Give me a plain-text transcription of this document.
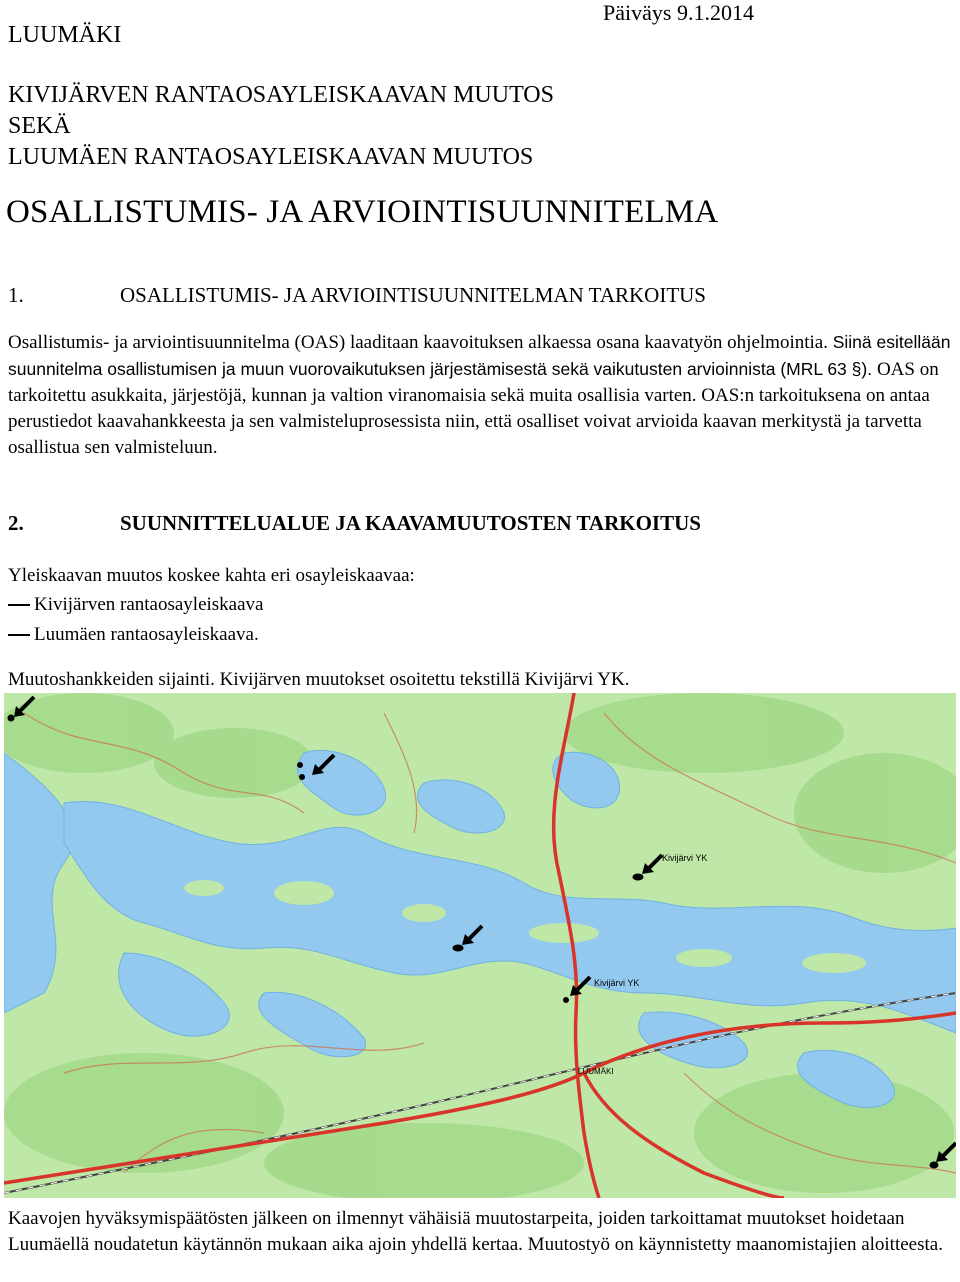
LUUMÄKI
Päiväys 9.1.2014
KIVIJÄRVEN RANTAOSAYLEISKAAVAN MUUTOS
SEKÄ
LUUMÄEN RANTAOSAYLEISKAAVAN MUUTOS
OSALLISTUMIS- JA ARVIOINTISUUNNITELMA
1.	OSALLISTUMIS- JA ARVIOINTISUUNNITELMAN TARKOITUS
Osallistumis- ja arviointisuunnitelma (OAS) laaditaan kaavoituksen alkaessa osana kaavatyön ohjelmointia. Siinä esitellään suunnitelma osallistumisen ja muun vuorovaikutuksen järjestämisestä sekä vaikutusten arvioinnista (MRL 63 §). OAS on tarkoitettu asukkaita, järjestöjä, kunnan ja valtion viranomaisia sekä muita osallisia varten. OAS:n tarkoituksena on antaa perustiedot kaavahankkeesta ja sen valmisteluprosessista niin, että osalliset voivat arvioida kaavan merkitystä ja tarvetta osallistua sen valmisteluun.
2.	SUUNNITTELUALUE JA KAAVAMUUTOSTEN TARKOITUS
Yleiskaavan muutos koskee kahta eri osayleiskaavaa:
Kivijärven rantaosayleiskaava
Luumäen rantaosayleiskaava.
Muutoshankkeiden sijainti. Kivijärven muutokset osoitettu tekstillä Kivijärvi YK.
Kivijärvi YK
Kivijärvi YK
LUUMÄKI
Kaavojen hyväksymispäätösten jälkeen on ilmennyt vähäisiä muutostarpeita, joiden tarkoittamat muutokset hoidetaan Luumäellä noudatetun käytännön mukaan aika ajoin yhdellä kertaa. Muutostyö on käynnistetty maanomistajien aloitteesta.
